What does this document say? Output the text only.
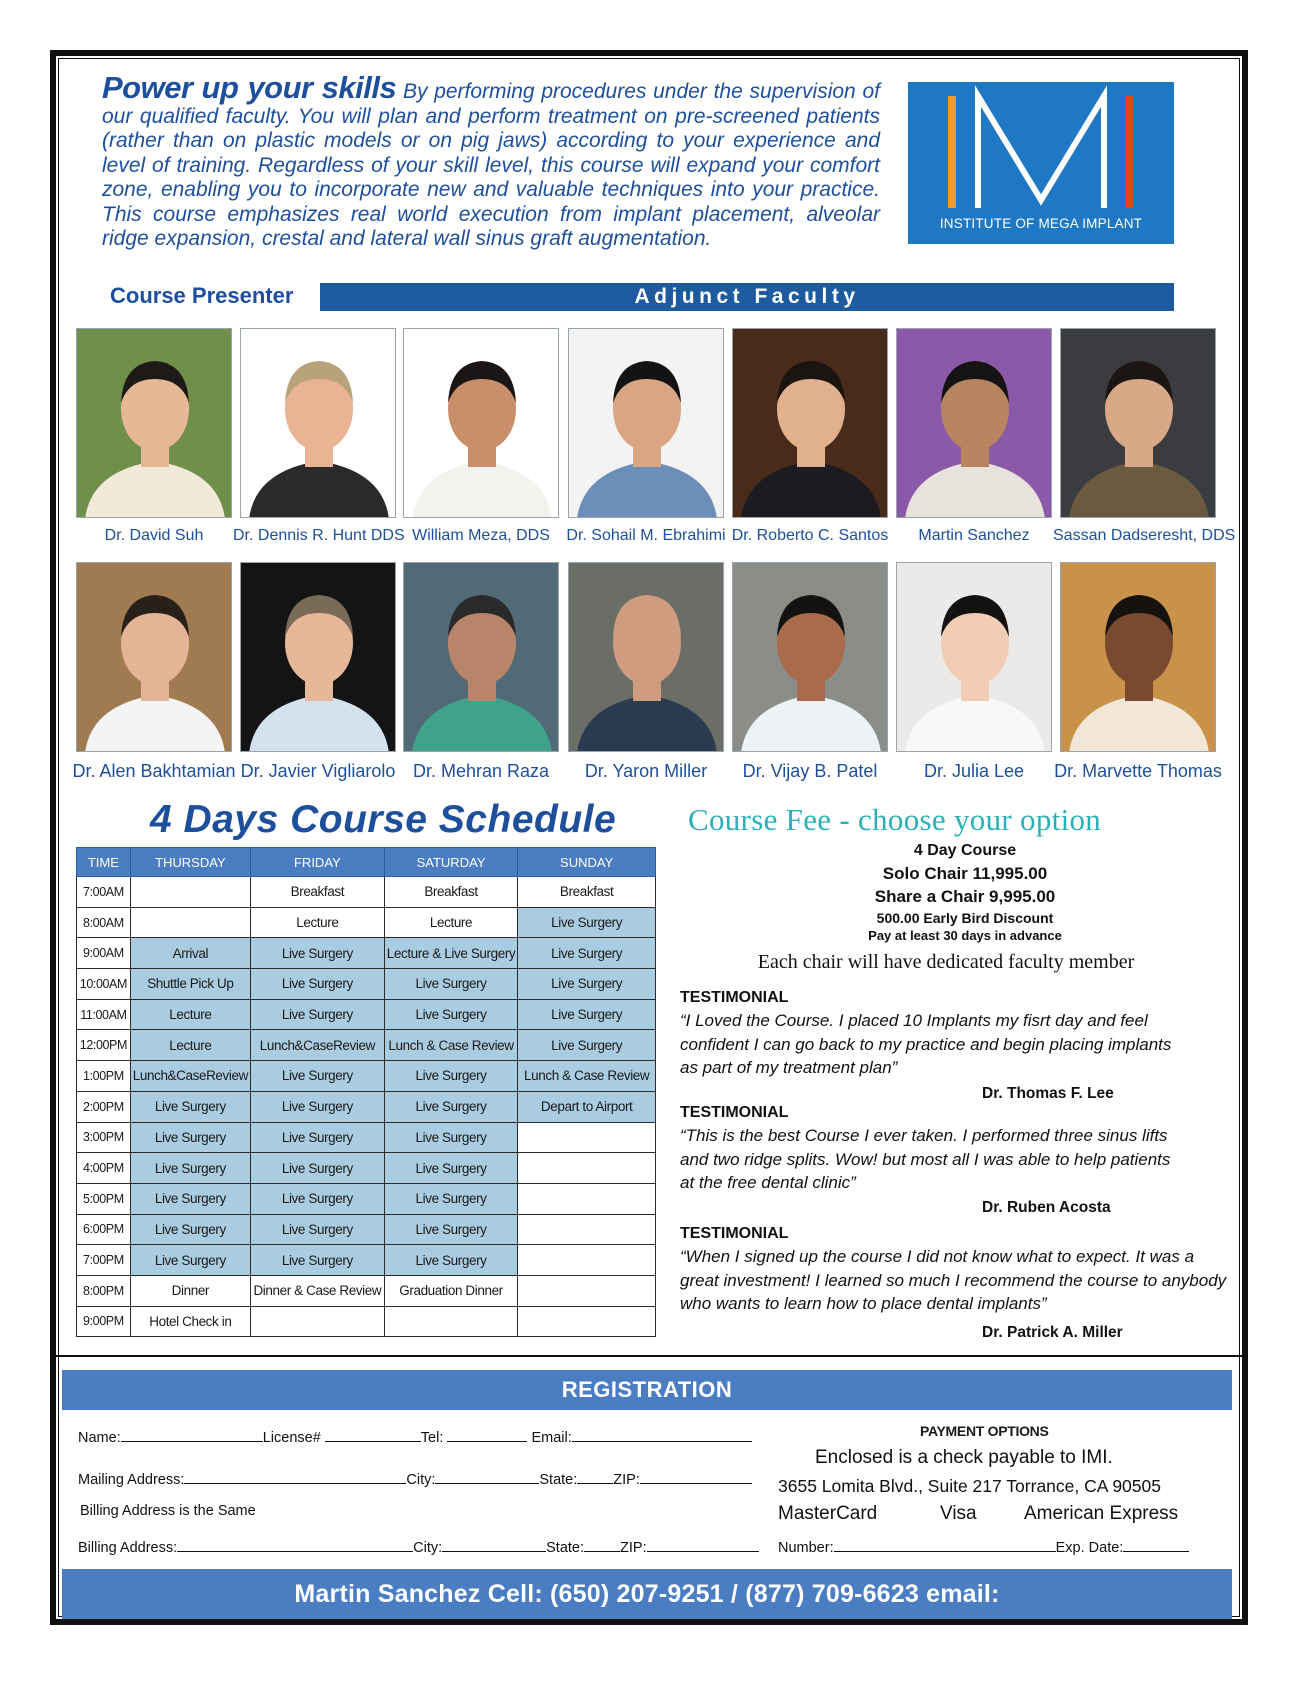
Power up your skills By performing procedures under the supervision of our qualified faculty. You will plan and perform treatment on pre-screened patients (rather than on plastic models or on pig jaws) according to your experience and level of training. Regardless of your skill level, this course will expand your comfort zone, enabling you to incorporate new and valuable techniques into your practice. This course emphasizes real world execution from implant placement, alveolar ridge expansion, crestal and lateral wall sinus graft augmentation.

INSTITUTE OF MEGA IMPLANT
Course Presenter	Adjunct Faculty
Dr. David Suh	Dr. Dennis R. Hunt DDS William Meza, DDS	Dr. Sohail M. Ebrahimi Dr. Roberto C. Santos	Martin Sanchez	Sassan Dadseresht, DDS
Dr. Alen Bakhtamian Dr. Javier Vigliarolo Dr. Mehran Raza	Dr. Yaron Miller	Dr. Vijay B. Patel	Dr. Julia Lee	Dr. Marvette Thomas
4 Days Course Schedule
TIME	THURSDAY	FRIDAY	SATURDAY	SUNDAY
7:00AM		Breakfast	Breakfast	Breakfast
8:00AM		Lecture	Lecture	Live Surgery
9:00AM	Arrival	Live Surgery	Lecture & Live Surgery	Live Surgery
10:00AM	Shuttle Pick Up	Live Surgery	Live Surgery	Live Surgery
11:00AM	Lecture	Live Surgery	Live Surgery	Live Surgery
12:00PM	Lecture	Lunch&CaseReview	Lunch & Case Review	Live Surgery
1:00PM	Lunch&CaseReview	Live Surgery	Live Surgery	Lunch & Case Review
2:00PM	Live Surgery	Live Surgery	Live Surgery	Depart to Airport
3:00PM	Live Surgery	Live Surgery	Live Surgery	
4:00PM	Live Surgery	Live Surgery	Live Surgery	
5:00PM	Live Surgery	Live Surgery	Live Surgery	
6:00PM	Live Surgery	Live Surgery	Live Surgery	
7:00PM	Live Surgery	Live Surgery	Live Surgery	
8:00PM	Dinner	Dinner & Case Review	Graduation Dinner	
9:00PM	Hotel Check in			
Course Fee - choose your option
4 Day Course
Solo Chair 11,995.00
Share a Chair 9,995.00
500.00 Early Bird Discount
Pay at least 30 days in advance
Each chair will have dedicated faculty member
TESTIMONIAL
“I Loved the Course. I placed 10 Implants my fisrt day and feel confident I can go back to my practice and begin placing implants as part of my treatment plan”
Dr. Thomas F. Lee
TESTIMONIAL
“This is the best Course I ever taken. I performed three sinus lifts and two ridge splits. Wow! but most all I was able to help patients at the free dental clinic”
Dr. Ruben Acosta
TESTIMONIAL
“When I signed up the course I did not know what to expect. It was a great investment! I learned so much I recommend the course to anybody who wants to learn how to place dental implants”
Dr. Patrick A. Miller
REGISTRATION
Name:	License#	Tel:	Email:
Mailing Address:	City:	State: ZIP:
Billing Address is the Same
Billing Address:	City:	State: ZIP:
PAYMENT OPTIONS
Enclosed is a check payable to IMI.
3655 Lomita Blvd., Suite 217 Torrance, CA 90505
MasterCard	Visa American Express
Number:	Exp. Date:
Martin Sanchez Cell: (650) 207-9251 / (877) 709-6623 email: martin.sanchez@megagenamerica.com
